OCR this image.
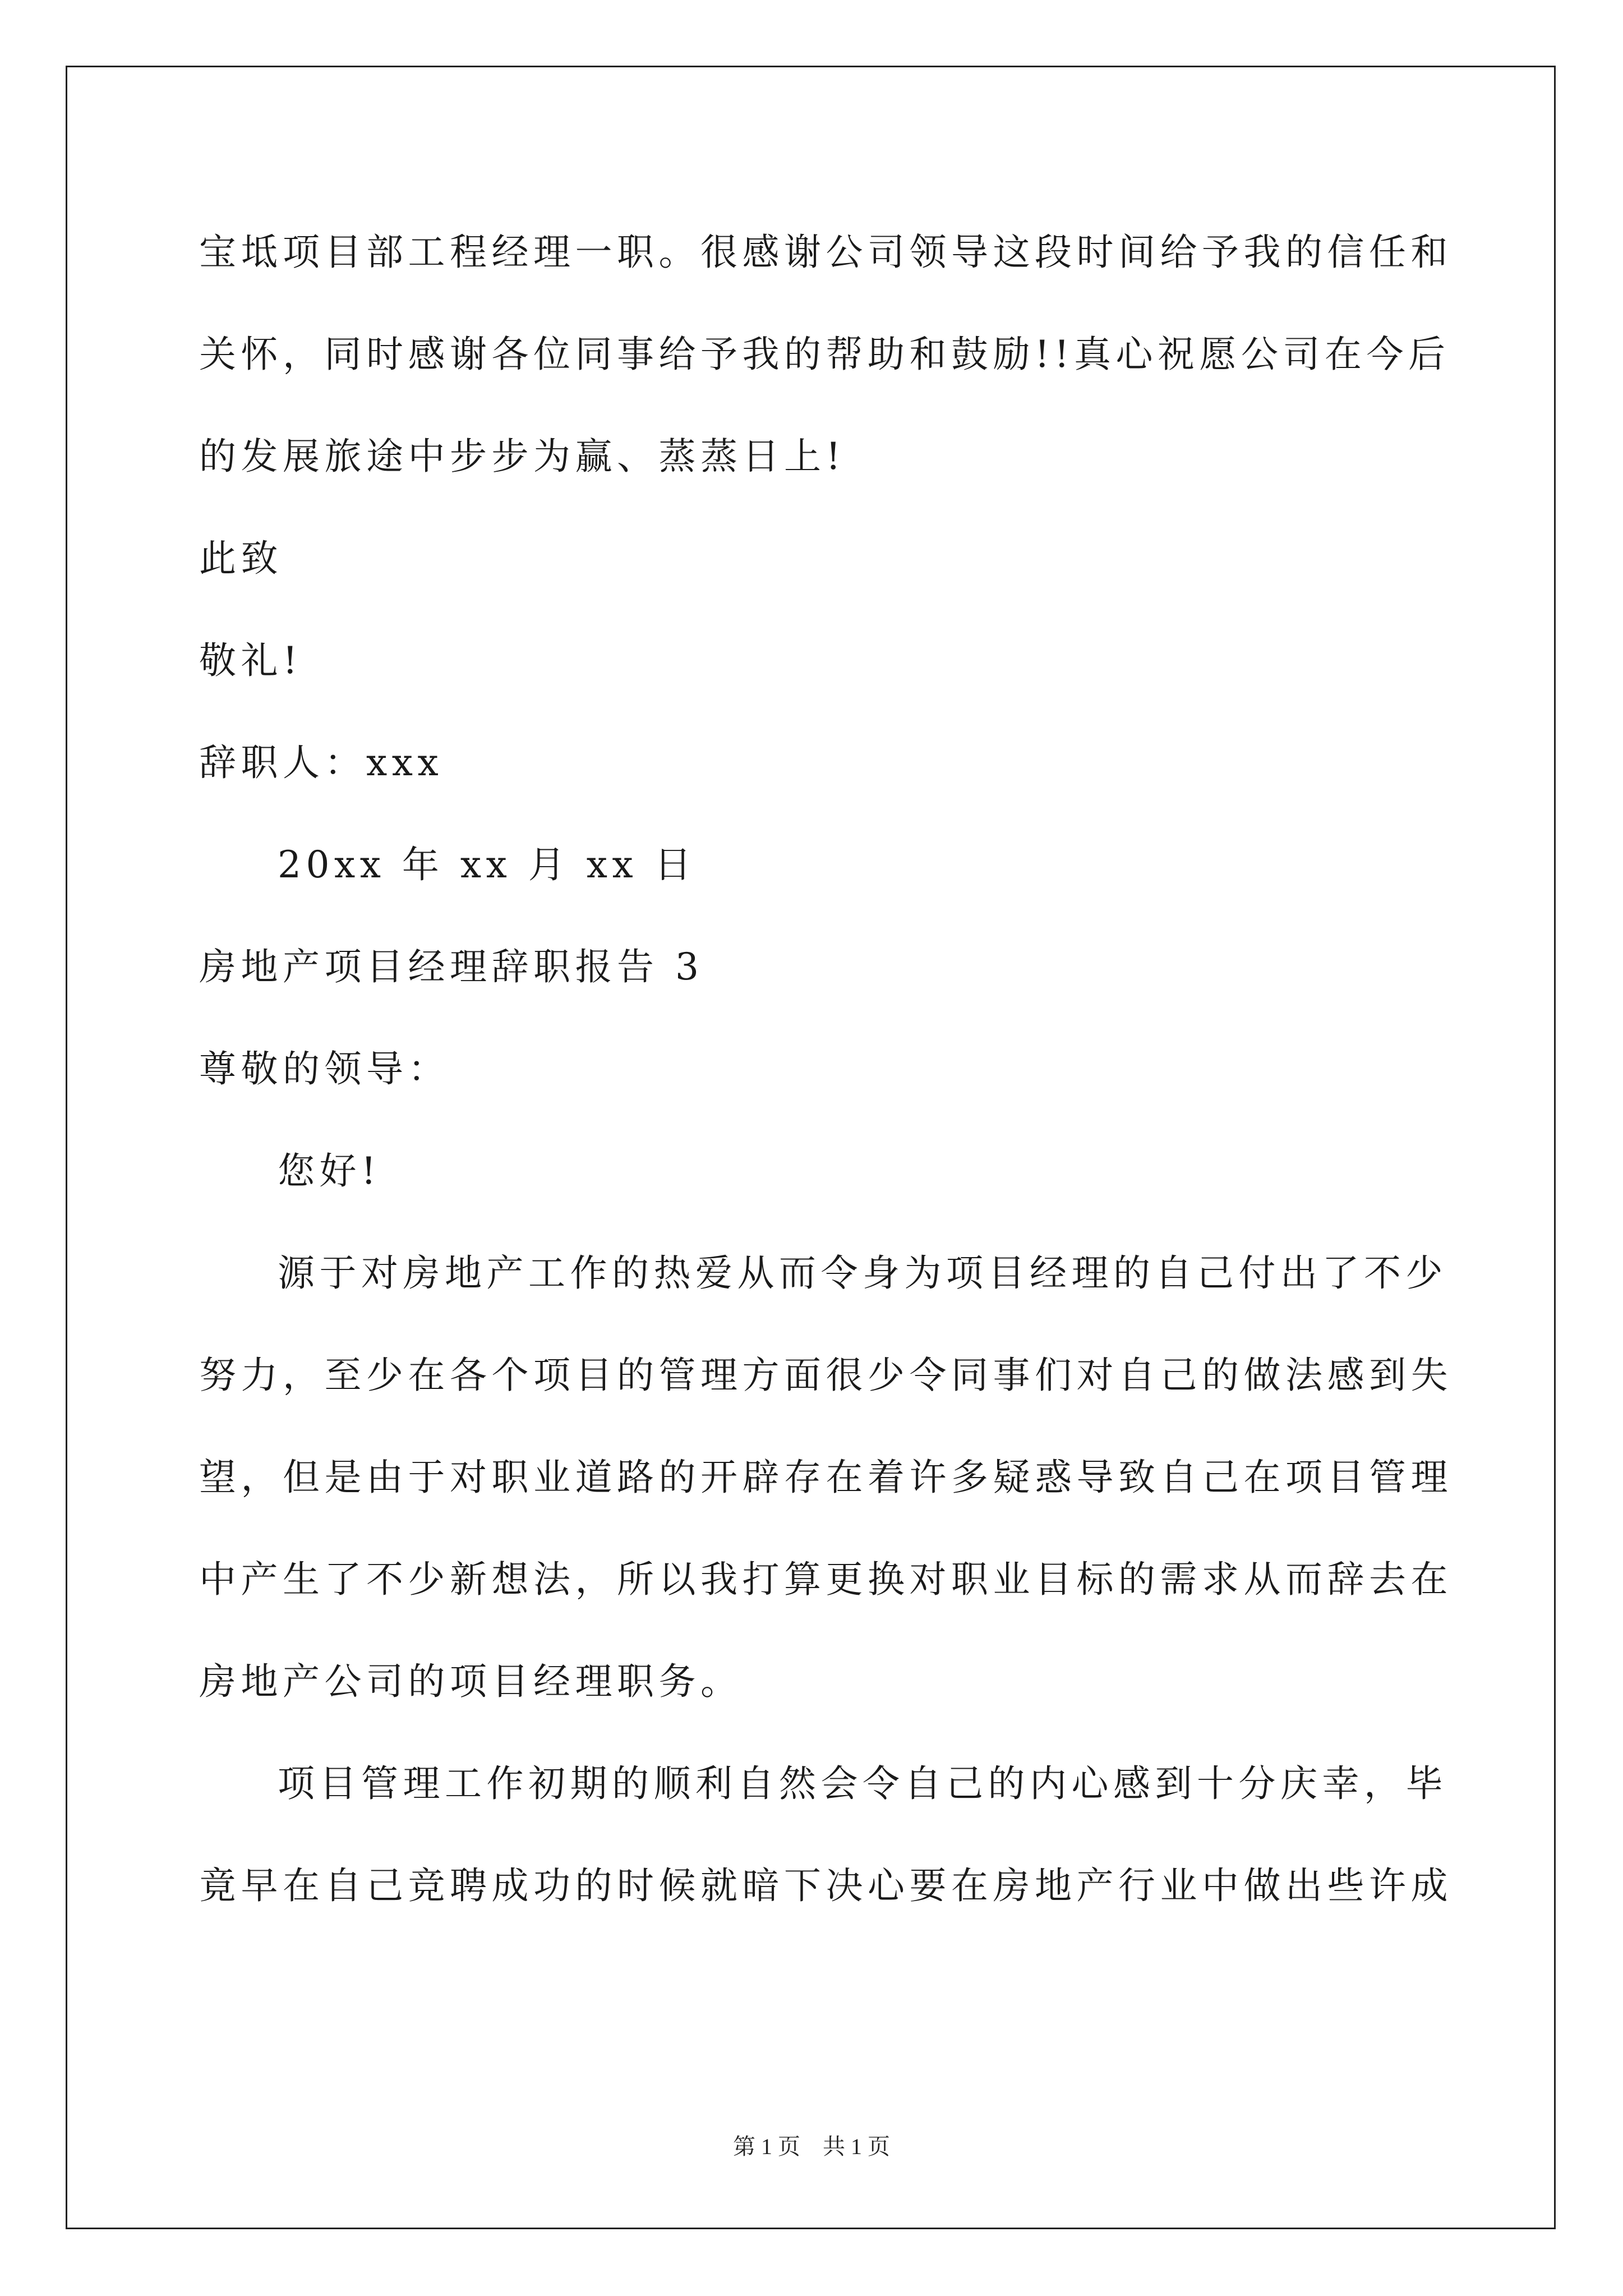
宝坻项目部工程经理一职。很感谢公司领导这段时间给予我的信任和
关怀，同时感谢各位同事给予我的帮助和鼓励!!真心祝愿公司在今后
的发展旅途中步步为赢、蒸蒸日上!
此致
敬礼!
辞职人：xxx
20xx 年 xx 月 xx 日
房地产项目经理辞职报告 3
尊敬的领导：
您好!
源于对房地产工作的热爱从而令身为项目经理的自己付出了不少
努力，至少在各个项目的管理方面很少令同事们对自己的做法感到失
望，但是由于对职业道路的开辟存在着许多疑惑导致自己在项目管理
中产生了不少新想法，所以我打算更换对职业目标的需求从而辞去在
房地产公司的项目经理职务。
项目管理工作初期的顺利自然会令自己的内心感到十分庆幸，毕
竟早在自己竞聘成功的时候就暗下决心要在房地产行业中做出些许成
第 1 页    共 1 页
